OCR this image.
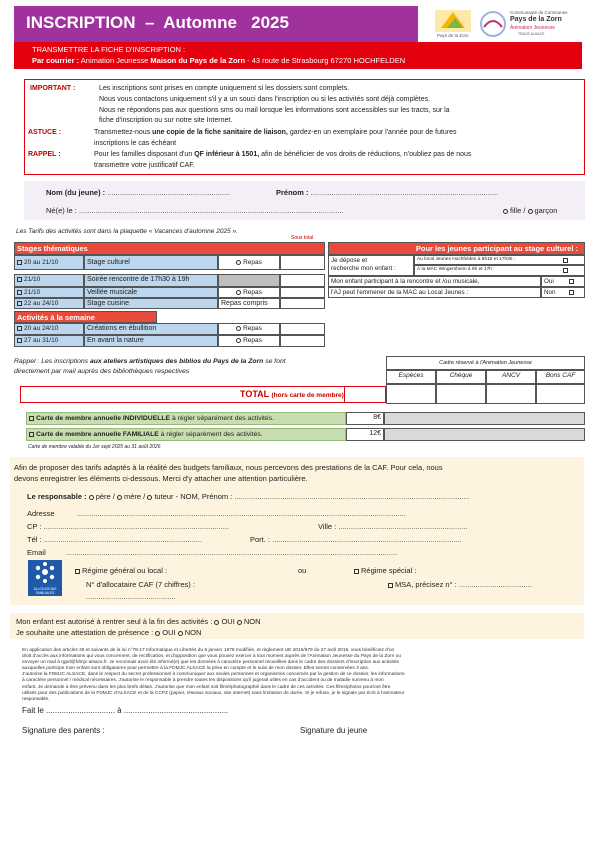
INSCRIPTION  –  Automne   2025
Pays de la Zorn
Communauté de Communes
Pays de la Zorn
Animation Jeunesse
TRACE ALSACE
TRANSMETTRE LA FICHE D'INSCRIPTION :
Par courrier : Animation Jeunesse Maison du Pays de la Zorn - 43 route de Strasbourg 67270 HOCHFELDEN
IMPORTANT :	Les inscriptions sont prises en compte uniquement si les dossiers sont complets.
Nous vous contactons uniquement s'il y a un souci dans l'inscription ou si les activités sont déjà complètes.
Nous ne répondons pas aux questions sms ou mail lorsque les informations sont accessibles sur les tracts, sur la
fiche d'inscription ou sur notre site Internet.
ASTUCE :	Transmettez-nous une copie de la fiche sanitaire de liaison, gardez-en un exemplaire pour l'année pour de futures
inscriptions le cas échéant
RAPPEL :	Pour les familles disposant d'un QF inférieur à 1501, afin de bénéficier de vos droits de réductions, n'oubliez pas de nous
transmettre votre justificatif CAF.
Nom (du jeune) : ...........................................................	Prénom : ..........................................................................................
Né(e) le : ...............................................................................................................................	fille / garçon
Les Tarifs des activités sont dans la plaquette « Vacances d'automne 2025 ».
Sous total
Stages thématiques
20 au 21/10	Stage culturel	Repas
21/10	Soirée rencontre de 17h30 à 19h
21/10	Veillée musicale	Repas
22 au 24/10	Stage cuisine	Repas compris
Activités à la semaine
20 au 24/10	Créations en ébullition	Repas
27 au 31/10	En avant la nature	Repas
Pour les jeunes participant au stage culturel :
Je dépose et
recherche mon enfant :
Au local Jeunes Hochfelden à 8h15 et 17h30 :
À la MAC Wingersheim à 9h et 17h :
Mon enfant participant à la rencontre et /ou musicale,	Oui
l'AJ peut l'emmener de la MAC au Local Jeunes :	Non
Rappel : Les inscriptions aux ateliers artistiques des biblios du Pays de la Zorn se font
directement par mail auprès des bibliothèques respectives
Cadre réservé à l'Animation Jeunesse
Espèces	Chèque	ANCV	Bons CAF
TOTAL (hors carte de membre)
Carte de membre annuelle INDIVIDUELLE à régler séparément des activités.	8€
Carte de membre annuelle FAMILIALE à régler séparément des activités.	12€
Carte de membre valable du 1er sept 2025 au 31 août 2026
Afin de proposer des tarifs adaptés à la réalité des budgets familiaux, nous percevons des prestations de la CAF. Pour cela, nous
devons enregistrer les éléments ci-dessous. Merci d'y attacher une attention particulière.
Le responsable : père / mère / tuteur - NOM, Prénom : .................................................................................................................
Adresse	..............................................................................................................................................................
CP : .........................................................................................	Ville : ..............................................................
Tél : ............................................................................	Port. : ...........................................................................................
Email	...............................................................................................................................................................
ALLOCATIONS FAMILIALES
Régime général ou local :	ou	Régime spécial :
N° d'allocataire CAF (7 chiffres) :
...........................................
MSA, précisez n° : ...................................
Mon enfant est autorisé à rentrer seul à la fin des activités : OUI NON
Je souhaite une attestation de présence : OUI NON
En application des articles 39 et suivants de la loi n°78-17 Informatique et Libertés du 6 janvier 1978 modifiée, et règlement UE 2016/679 du 27 avril 2016, vous bénéficiez d'un
droit d'accès aux informations qui vous concernent, de rectification, et d'opposition que vous pouvez exercer à tout moment auprès de l'Animation Jeunesse du Pays de la Zorn ou
envoyer un mail à rgpd@fdmjc-alsace.fr. Je reconnais avoir été informé(e) que les données à caractère personnel recueillies dans le cadre des dossiers d'inscription aux activités
auxquelles participe mon enfant sont obligatoires pour permettre à la FDMJC ALSACE la prise en compte et le suivi de mon dossier. Elles seront conservées 3 ans.
J'autorise la FDMJC ALSACE, dans le respect du secret professionnel à communiquer aux seules personnes et organismes concernés par la gestion de ce dossier, les informations
à caractère personnel / médical nécessaires. J'autorise le responsable à prendre toutes les dispositions qu'il jugerait utiles en cas d'accident ou de maladie survenu à mon
enfant. Je demande à être prévenu dans les plus brefs délais. J'autorise que mon enfant soit filmé/photographié dans le cadre de ces activités. Ces films/photos pourront être
utilisés pour des publications de la FDMJC d'ALSACE et de la CCPZ (papier, réseaux sociaux, site internet) sans limitation de durée. Si je refuse, je le signale par écrit à l'animateur
responsable.
Fait le ............................... à ...............................................
Signature des parents :	Signature du jeune
